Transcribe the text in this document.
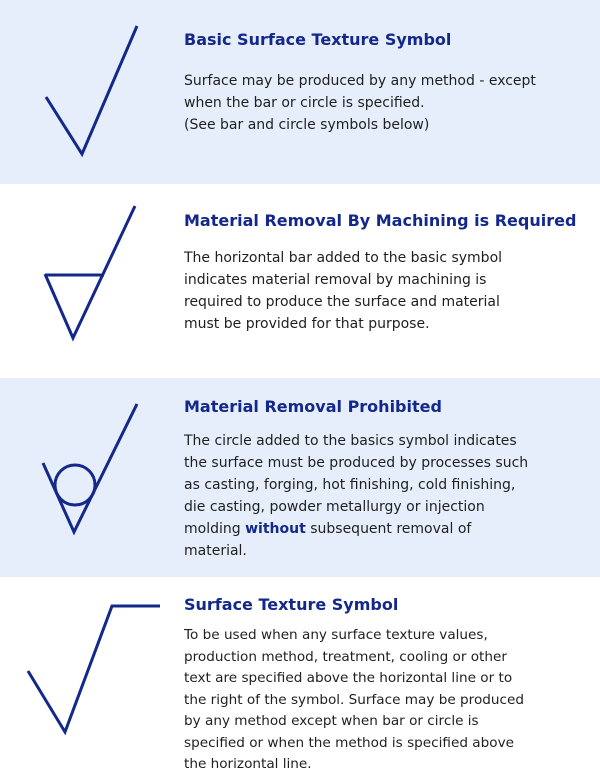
Basic Surface Texture Symbol
Surface may be produced by any method - except
when the bar or circle is specified.
(See bar and circle symbols below)
Material Removal By Machining is Required
The horizontal bar added to the basic symbol
indicates material removal by machining is
required to produce the surface and material
must be provided for that purpose.
Material Removal Prohibited
The circle added to the basics symbol indicates
the surface must be produced by processes such
as casting, forging, hot finishing, cold finishing,
die casting, powder metallurgy or injection
molding without subsequent removal of
material.
Surface Texture Symbol
To be used when any surface texture values,
production method, treatment, cooling or other
text are specified above the horizontal line or to
the right of the symbol. Surface may be produced
by any method except when bar or circle is
specified or when the method is specified above
the horizontal line.
